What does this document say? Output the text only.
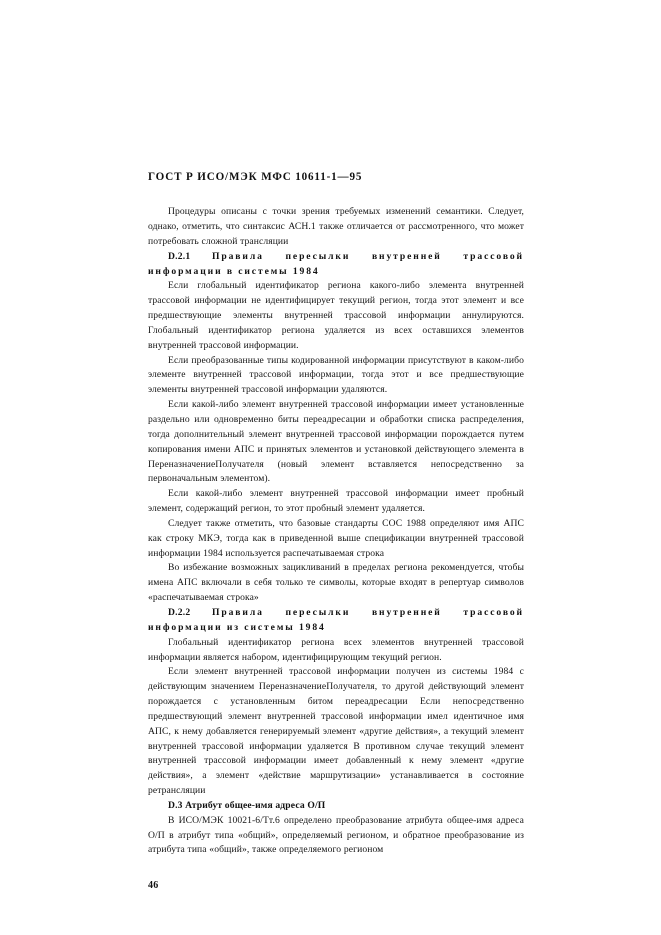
ГОСТ Р ИСО/МЭК МФС 10611-1—95

Процедуры описаны с точки зрения требуемых изменений семантики. Следует, однако, отметить, что синтаксис АСН.1 также отличается от рассмотренного, что может потребовать сложной трансляции

D.2.1 Правила пересылки внутренней трассовой информации в системы 1984

Если глобальный идентификатор региона какого-либо элемента внутренней трассовой информации не идентифицирует текущий регион, тогда этот элемент и все предшествующие элементы внутренней трассовой информации аннулируются. Глобальный идентификатор региона удаляется из всех оставшихся элементов внутренней трассовой информации.

Если преобразованные типы кодированной информации присутствуют в каком-либо элементе внутренней трассовой информации, тогда этот и все предшествующие элементы внутренней трассовой информации удаляются.

Если какой-либо элемент внутренней трассовой информации имеет установленные раздельно или одновременно биты переадресации и обработки списка распределения, тогда дополнительный элемент внутренней трассовой информации порождается путем копирования имени АПС и принятых элементов и установкой действующего элемента в ПереназначениеПолучателя (новый элемент вставляется непосредственно за первоначальным элементом).

Если какой-либо элемент внутренней трассовой информации имеет пробный элемент, содержащий регион, то этот пробный элемент удаляется.

Следует также отметить, что базовые стандарты СОС 1988 определяют имя АПС как строку МКЭ, тогда как в приведенной выше спецификации внутренней трассовой информации 1984 используется распечатываемая строка

Во избежание возможных зацикливаний в пределах региона рекомендуется, чтобы имена АПС включали в себя только те символы, которые входят в репертуар символов «распечатываемая строка»

D.2.2 Правила пересылки внутренней трассовой информации из системы 1984

Глобальный идентификатор региона всех элементов внутренней трассовой информации является набором, идентифицирующим текущий регион.

Если элемент внутренней трассовой информации получен из системы 1984 с действующим значением ПереназначениеПолучателя, то другой действующий элемент порождается с установленным битом переадресации Если непосредственно предшествующий элемент внутренней трассовой информации имел идентичное имя АПС, к нему добавляется генерируемый элемент «другие действия», а текущий элемент внутренней трассовой информации удаляется В противном случае текущий элемент внутренней трассовой информации имеет добавленный к нему элемент «другие действия», а элемент «действие маршрутизации» устанавливается в состояние ретрансляции

D.3 Атрибут общее-имя адреса О/П

В ИСО/МЭК 10021-6/Тт.6 определено преобразование атрибута общее-имя адреса О/П в атрибут типа «общий», определяемый регионом, и обратное преобразование из атрибута типа «общий», также определяемого регионом

46
